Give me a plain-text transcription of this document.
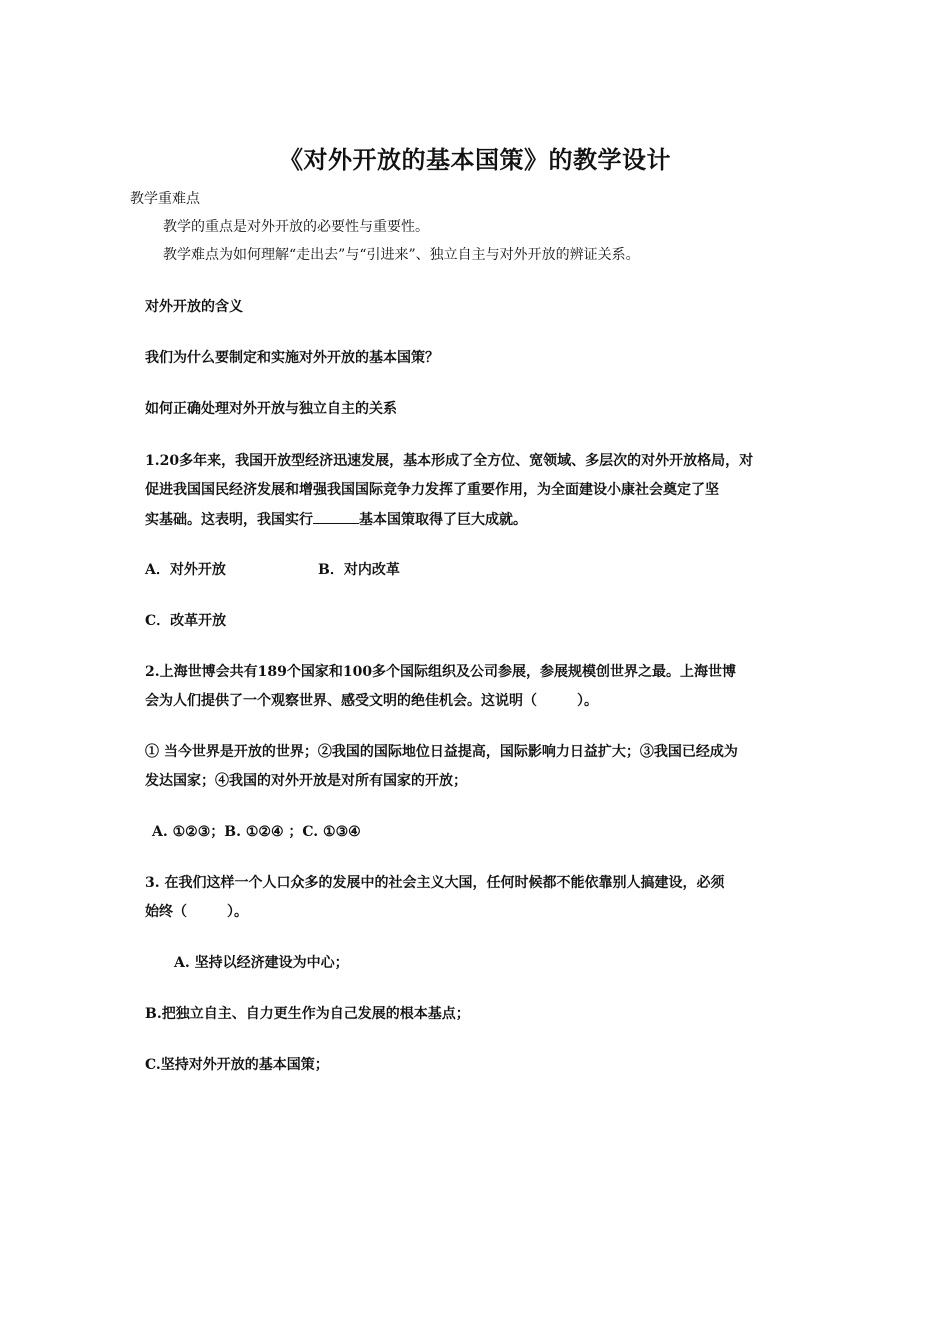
《对外开放的基本国策》的教学设计
教学重难点
教学的重点是对外开放的必要性与重要性。
教学难点为如何理解“走出去”与“引进来”、独立自主与对外开放的辨证关系。
对外开放的含义
我们为什么要制定和实施对外开放的基本国策？
如何正确处理对外开放与独立自主的关系
1.20多年来，我国开放型经济迅速发展，基本形成了全方位、宽领域、多层次的对外开放格局，对
促进我国国民经济发展和增强我国国际竞争力发挥了重要作用，为全面建设小康社会奠定了坚
实基础。这表明，我国实行	基本国策取得了巨大成就。
A．对外开放	B．对内改革
C．改革开放
2.上海世博会共有189个国家和100多个国际组织及公司参展，参展规模创世界之最。上海世博
会为人们提供了一个观察世界、感受文明的绝佳机会。这说明（	）。
① 当今世界是开放的世界；②我国的国际地位日益提高，国际影响力日益扩大；③我国已经成为
发达国家；④我国的对外开放是对所有国家的开放；
A. ①②③；B. ①②④ ；C. ①③④
3. 在我们这样一个人口众多的发展中的社会主义大国，任何时候都不能依靠别人搞建设，必须
始终（	）。
A. 坚持以经济建设为中心；
B.把独立自主、自力更生作为自己发展的根本基点；
C.坚持对外开放的基本国策；
